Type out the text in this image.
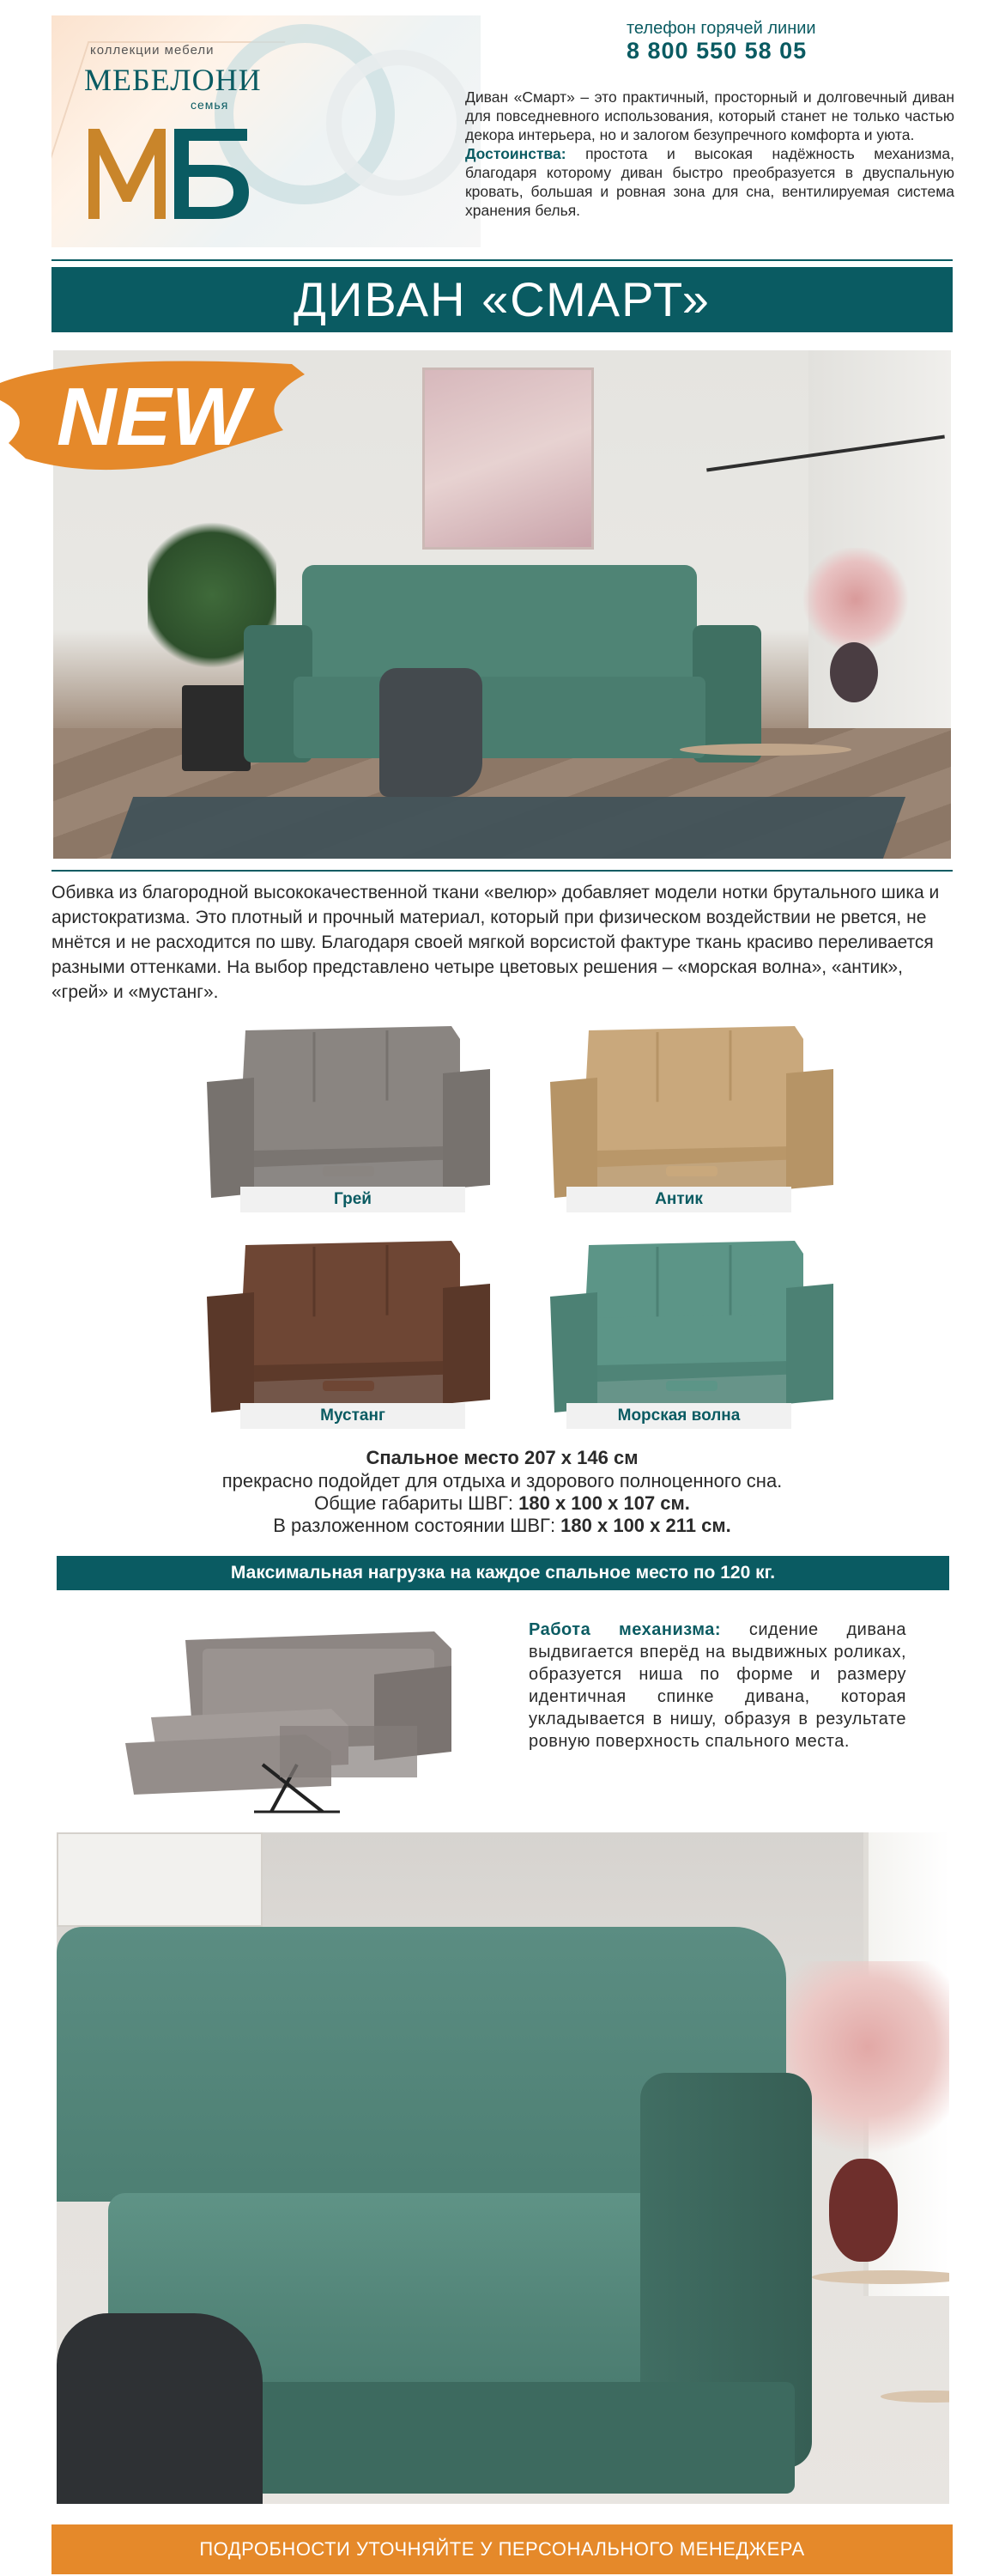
коллекции мебели
МЕБЕЛОНИ
семья
телефон горячей линии
8 800 550 58 05
Диван «Смарт» – это практичный, просторный и долговечный диван для повседневного использования, который станет не только частью декора интерьера, но и залогом безупречного комфорта и уюта.
Достоинства: простота и высокая надёжность механизма, благодаря которому диван быстро преобразуется в двуспальную кровать, большая и ровная зона для сна, вентилируемая система хранения белья.
ДИВАН «СМАРТ»
NEW
Обивка из благородной высококачественной ткани «велюр» добавляет модели нотки брутального шика и аристократизма. Это плотный и прочный материал, который при физическом воздействии не рвется, не мнётся и не расходится по шву. Благодаря своей мягкой ворсистой фактуре ткань красиво переливается разными оттенками. На выбор представлено четыре цветовых решения – «морская волна», «антик», «грей» и «мустанг».
Грей	Антик
Мустанг	Морская волна
Спальное место 207 х 146 см
прекрасно подойдет для отдыха и здорового полноценного сна.
Общие габариты ШВГ: 180 х 100 х 107 см.
В разложенном состоянии ШВГ: 180 х 100 х 211 см.
Максимальная нагрузка на каждое спальное место по 120 кг.
Работа механизма: сидение дивана выдвигается вперёд на выдвижных роликах, образуется ниша по форме и размеру идентичная спинке дивана, которая укладывается в нишу, образуя в результате ровную поверхность спального места.
ПОДРОБНОСТИ УТОЧНЯЙТЕ У ПЕРСОНАЛЬНОГО МЕНЕДЖЕРА
